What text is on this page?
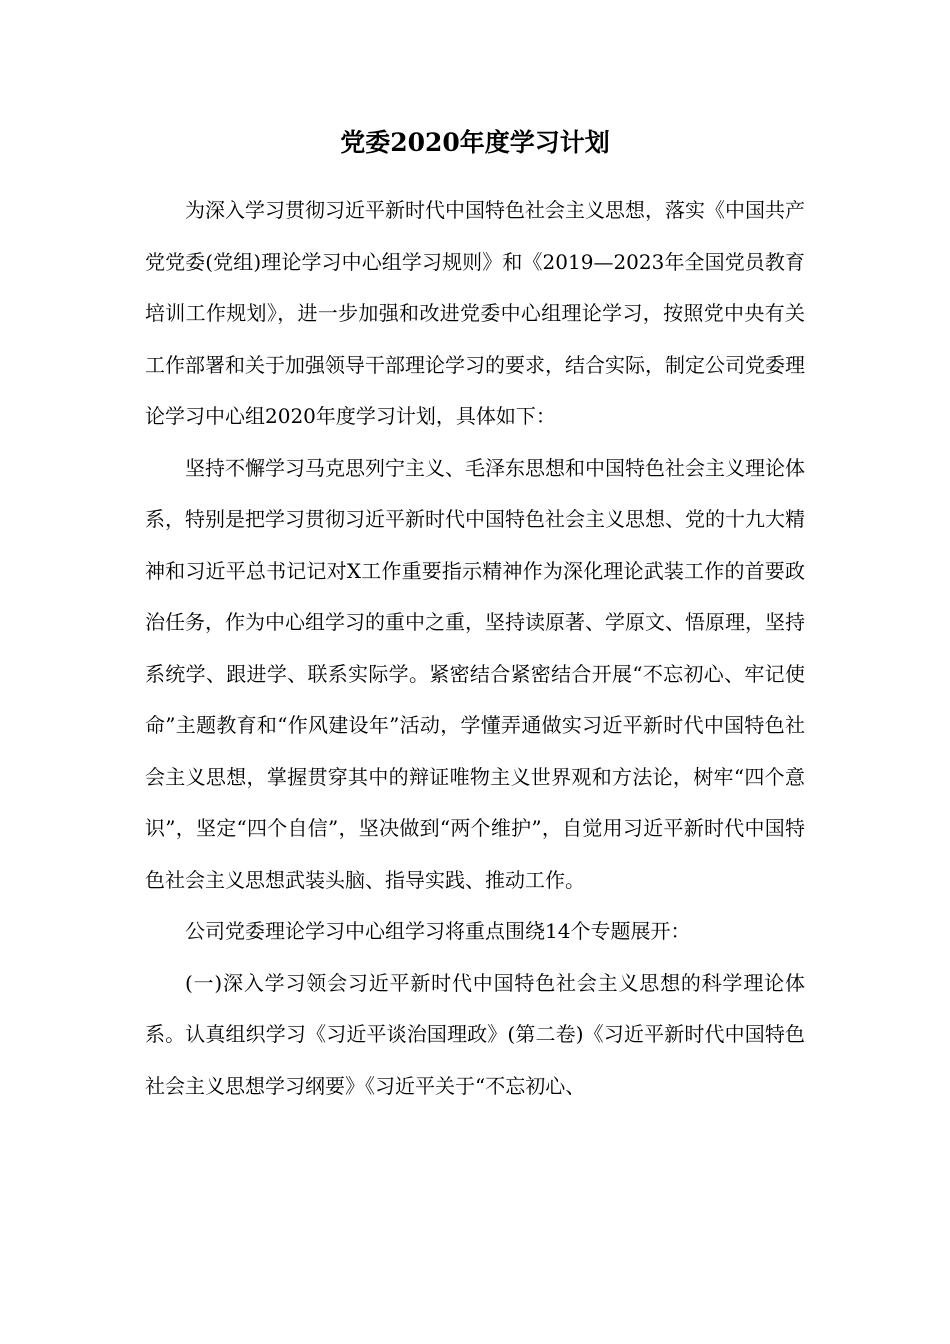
党委2020年度学习计划

为深入学习贯彻习近平新时代中国特色社会主义思想，落实《中国共产党党委(党组)理论学习中心组学习规则》和《2019—2023年全国党员教育培训工作规划》，进一步加强和改进党委中心组理论学习，按照党中央有关工作部署和关于加强领导干部理论学习的要求，结合实际，制定公司党委理论学习中心组2020年度学习计划，具体如下：

坚持不懈学习马克思列宁主义、毛泽东思想和中国特色社会主义理论体系，特别是把学习贯彻习近平新时代中国特色社会主义思想、党的十九大精神和习近平总书记记对X工作重要指示精神作为深化理论武装工作的首要政治任务，作为中心组学习的重中之重，坚持读原著、学原文、悟原理，坚持系统学、跟进学、联系实际学。紧密结合紧密结合开展“不忘初心、牢记使命”主题教育和“作风建设年”活动，学懂弄通做实习近平新时代中国特色社会主义思想，掌握贯穿其中的辩证唯物主义世界观和方法论，树牢“四个意识”，坚定“四个自信”，坚决做到“两个维护”，自觉用习近平新时代中国特色社会主义思想武装头脑、指导实践、推动工作。

公司党委理论学习中心组学习将重点围绕14个专题展开：

(一)深入学习领会习近平新时代中国特色社会主义思想的科学理论体系。认真组织学习《习近平谈治国理政》(第二卷)《习近平新时代中国特色社会主义思想学习纲要》《习近平关于“不忘初心、
